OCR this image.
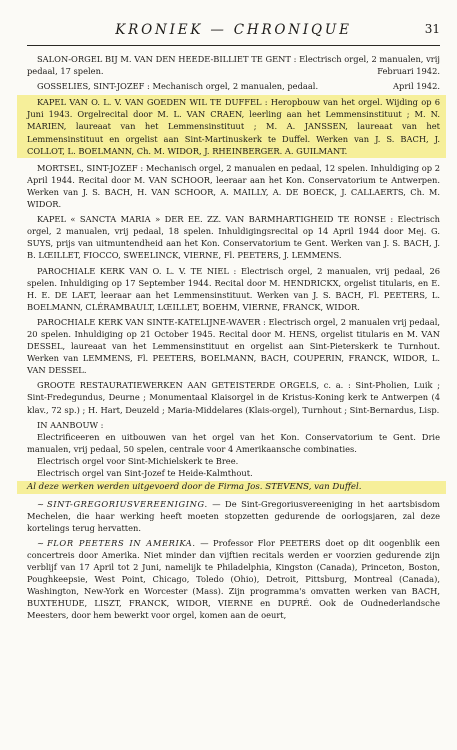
KRONIEK — CHRONIQUE	31

SALON-ORGEL BIJ M. VAN DEN HEEDE-BILLIET TE GENT : Electrisch orgel, 2 manualen, vrij pedaal, 17 spelen.	Februari 1942.

GOSSELIES, SINT-JOZEF : Mechanisch orgel, 2 manualen, pedaal.	April 1942.

KAPEL VAN O. L. V. VAN GOEDEN WIL TE DUFFEL : Heropbouw van het orgel. Wijding op 6 Juni 1943. Orgelrecital door M. L. VAN CRAEN, leerling aan het Lemmensinstituut ; M. N. MARIEN, laureaat van het Lemmensinstituut ; M. A. JANSSEN, laureaat van het Lemmensinstituut en orgelist aan Sint-Martinuskerk te Duffel. Werken van J. S. BACH, J. COLLOT, L. BOELMANN, Ch. M. WIDOR, J. RHEINBERGER. A. GUILMANT.

MORTSEL, SINT-JOZEF : Mechanisch orgel, 2 manualen en pedaal, 12 spelen. Inhuldiging op 2 April 1944. Recital door M. VAN SCHOOR, leeraar aan het Kon. Conservatorium te Antwerpen. Werken van J. S. BACH, H. VAN SCHOOR, A. MAILLY, A. DE BOECK, J. CALLAERTS, Ch. M. WIDOR.

KAPEL « SANCTA MARIA » DER EE. ZZ. VAN BARMHARTIGHEID TE RONSE : Electrisch orgel, 2 manualen, vrij pedaal, 18 spelen. Inhuldigingsrecital op 14 April 1944 door Mej. G. SUYS, prijs van uitmuntendheid aan het Kon. Conservatorium te Gent. Werken van J. S. BACH, J. B. LŒILLET, FIOCCO, SWEELINCK, VIERNE, Fl. PEETERS, J. LEMMENS.

PAROCHIALE KERK VAN O. L. V. TE NIEL : Electrisch orgel, 2 manualen, vrij pedaal, 26 spelen. Inhuldiging op 17 September 1944. Recital door M. HENDRICKX, orgelist titularis, en E. H. E. DE LAET, leeraar aan het Lemmensinstituut. Werken van J. S. BACH, Fl. PEETERS, L. BOELMANN, CLÉRAMBAULT, LŒILLET, BOEHM, VIERNE, FRANCK, WIDOR.

PAROCHIALE KERK VAN SINTE-KATELIJNE-WAVER : Electrisch orgel, 2 manualen vrij pedaal, 20 spelen. Inhuldiging op 21 October 1945. Recital door M. HENS, orgelist titularis en M. VAN DESSEL, laureaat van het Lemmensinstituut en orgelist aan Sint-Pieterskerk te Turnhout. Werken van LEMMENS, Fl. PEETERS, BOELMANN, BACH, COUPERIN, FRANCK, WIDOR, L. VAN DESSEL.

GROOTE RESTAURATIEWERKEN AAN GETEISTERDE ORGELS, c. a. : Sint-Pholien, Luik ; Sint-Fredegundus, Deurne ; Monumentaal Klaisorgel in de Kristus-Koning kerk te Antwerpen (4 klav., 72 sp.) ; H. Hart, Deuzeld ; Maria-Middelares (Klais-orgel), Turnhout ; Sint-Bernardus, Lisp.

IN AANBOUW :

Electrificeeren en uitbouwen van het orgel van het Kon. Conservatorium te Gent. Drie manualen, vrij pedaal, 50 spelen, centrale voor 4 Amerikaansche combinaties.

Electrisch orgel voor Sint-Michielskerk te Bree.

Electrisch orgel van Sint-Jozef te Heide-Kalmthout.

Al deze werken werden uitgevoerd door de Firma Jos. STEVENS, van Duffel.

~ SINT-GREGORIUSVEREENIGING. — De Sint-Gregoriusvereeniging in het aartsbisdom Mechelen, die haar werking heeft moeten stopzetten gedurende de oorlogsjaren, zal deze kortelings terug hervatten.

~ FLOR PEETERS IN AMERIKA. — Professor Flor PEETERS doet op dit oogenblik een concertreis door Amerika. Niet minder dan vijftien recitals werden er voorzien gedurende zijn verblijf van 17 April tot 2 Juni, namelijk te Philadelphia, Kingston (Canada), Princeton, Boston, Poughkeepsie, West Point, Chicago, Toledo (Ohio), Detroit, Pittsburg, Montreal (Canada), Washington, New-York en Worcester (Mass). Zijn programma's omvatten werken van BACH, BUXTEHUDE, LISZT, FRANCK, WIDOR, VIERNE en DUPRÉ. Ook de Oudnederlandsche Meesters, door hem bewerkt voor orgel, komen aan de oeurt,
